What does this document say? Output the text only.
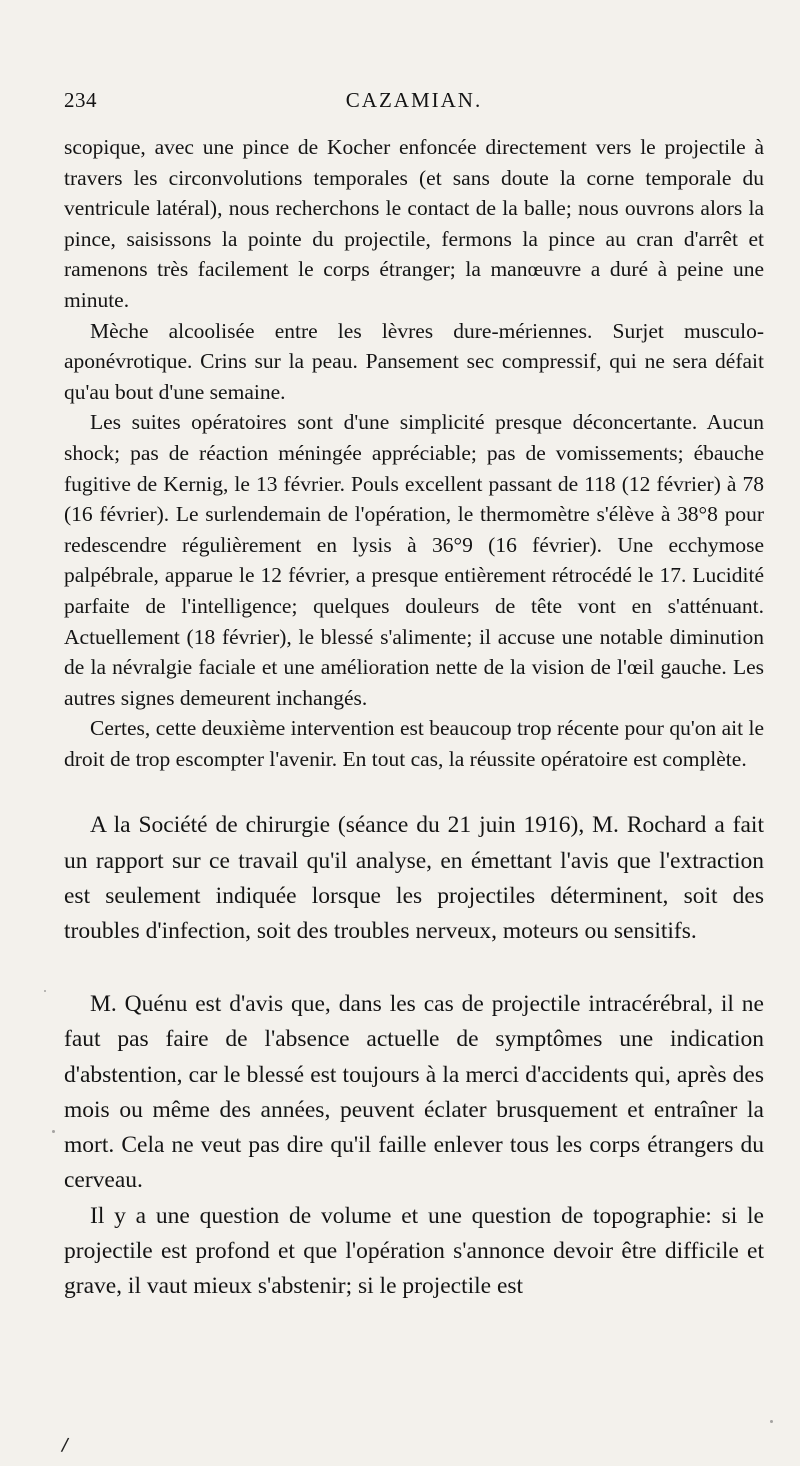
234	CAZAMIAN.

scopique, avec une pince de Kocher enfoncée directement vers le projectile à travers les circonvolutions temporales (et sans doute la corne temporale du ventricule latéral), nous recherchons le contact de la balle; nous ouvrons alors la pince, saisissons la pointe du projectile, fermons la pince au cran d'arrêt et ramenons très facilement le corps étranger; la manœuvre a duré à peine une minute.

Mèche alcoolisée entre les lèvres dure-mériennes. Surjet musculo-aponévrotique. Crins sur la peau. Pansement sec compressif, qui ne sera défait qu'au bout d'une semaine.

Les suites opératoires sont d'une simplicité presque déconcertante. Aucun shock; pas de réaction méningée appréciable; pas de vomissements; ébauche fugitive de Kernig, le 13 février. Pouls excellent passant de 118 (12 février) à 78 (16 février). Le surlendemain de l'opération, le thermomètre s'élève à 38°8 pour redescendre régulièrement en lysis à 36°9 (16 février). Une ecchymose palpébrale, apparue le 12 février, a presque entièrement rétrocédé le 17. Lucidité parfaite de l'intelligence; quelques douleurs de tête vont en s'atténuant. Actuellement (18 février), le blessé s'alimente; il accuse une notable diminution de la névralgie faciale et une amélioration nette de la vision de l'œil gauche. Les autres signes demeurent inchangés.

Certes, cette deuxième intervention est beaucoup trop récente pour qu'on ait le droit de trop escompter l'avenir. En tout cas, la réussite opératoire est complète.

A la Société de chirurgie (séance du 21 juin 1916), M. Rochard a fait un rapport sur ce travail qu'il analyse, en émettant l'avis que l'extraction est seulement indiquée lorsque les projectiles déterminent, soit des troubles d'infection, soit des troubles nerveux, moteurs ou sensitifs.

M. Quénu est d'avis que, dans les cas de projectile intracérébral, il ne faut pas faire de l'absence actuelle de symptômes une indication d'abstention, car le blessé est toujours à la merci d'accidents qui, après des mois ou même des années, peuvent éclater brusquement et entraîner la mort. Cela ne veut pas dire qu'il faille enlever tous les corps étrangers du cerveau.

Il y a une question de volume et une question de topographie: si le projectile est profond et que l'opération s'annonce devoir être difficile et grave, il vaut mieux s'abstenir; si le projectile est

/
